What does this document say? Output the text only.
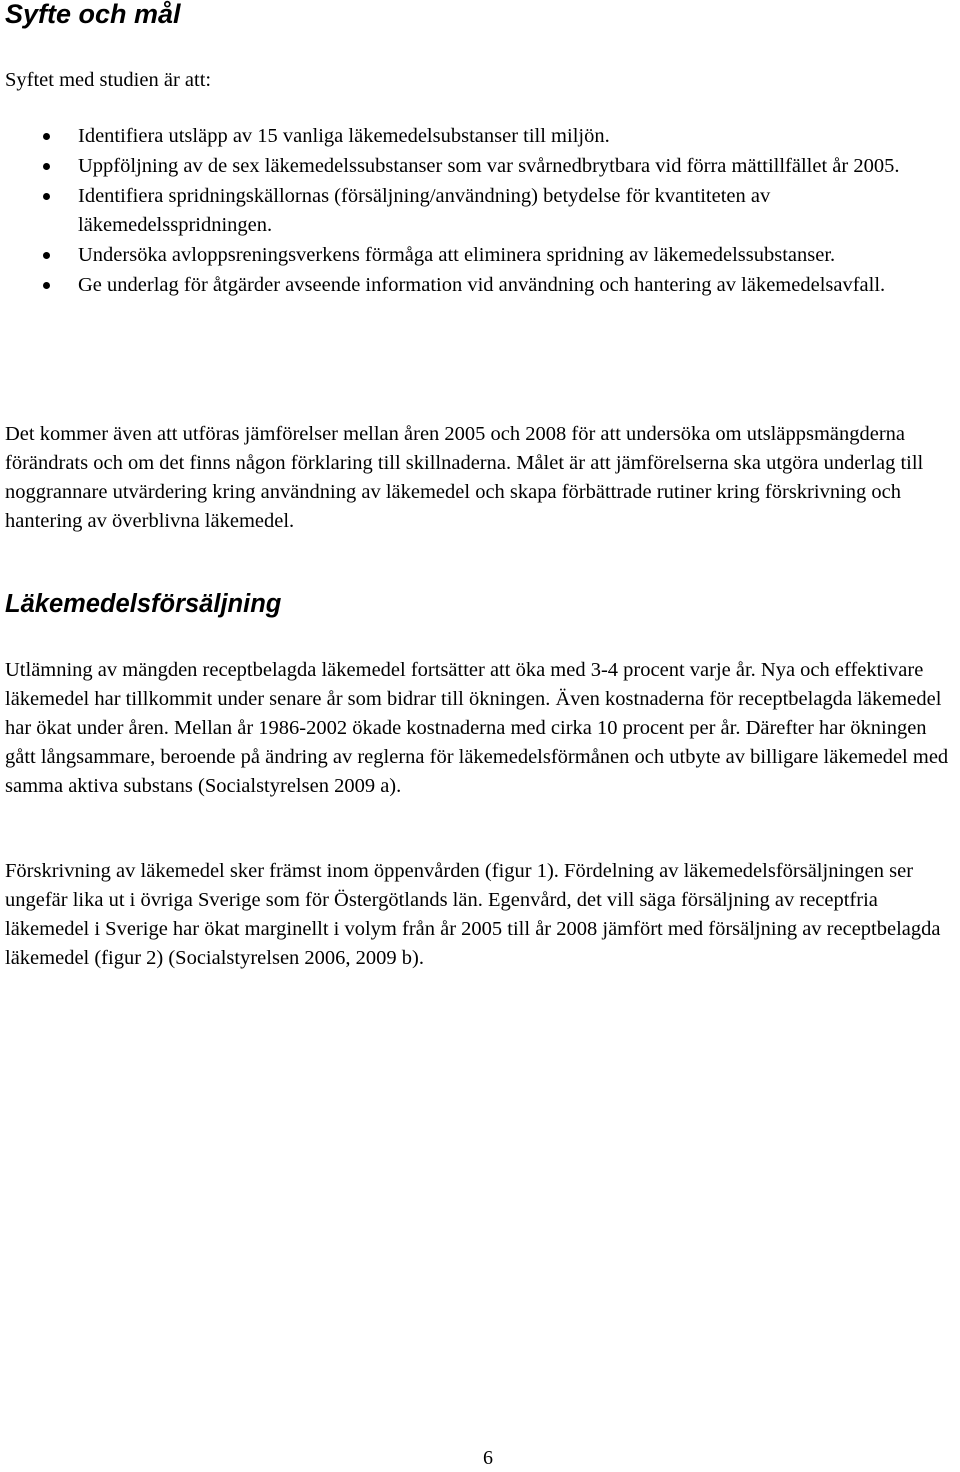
Syfte och mål

Syftet med studien är att:

Identifiera utsläpp av 15 vanliga läkemedelsubstanser till miljön.
Uppföljning av de sex läkemedelssubstanser som var svårnedbrytbara vid förra mättillfället år 2005.
Identifiera spridningskällornas (försäljning/användning) betydelse för kvantiteten av läkemedelsspridningen.
Undersöka avloppsreningsverkens förmåga att eliminera spridning av läkemedelssubstanser.
Ge underlag för åtgärder avseende information vid användning och hantering av läkemedelsavfall.

Det kommer även att utföras jämförelser mellan åren 2005 och 2008 för att undersöka om utsläppsmängderna förändrats och om det finns någon förklaring till skillnaderna. Målet är att jämförelserna ska utgöra underlag till noggrannare utvärdering kring användning av läkemedel och skapa förbättrade rutiner kring förskrivning och hantering av överblivna läkemedel.

Läkemedelsförsäljning

Utlämning av mängden receptbelagda läkemedel fortsätter att öka med 3-4 procent varje år. Nya och effektivare läkemedel har tillkommit under senare år som bidrar till ökningen. Även kostnaderna för receptbelagda läkemedel har ökat under åren. Mellan år 1986-2002 ökade kostnaderna med cirka 10 procent per år. Därefter har ökningen gått långsammare, beroende på ändring av reglerna för läkemedelsförmånen och utbyte av billigare läkemedel med samma aktiva substans (Socialstyrelsen 2009 a).

Förskrivning av läkemedel sker främst inom öppenvården (figur 1). Fördelning av läkemedelsförsäljningen ser ungefär lika ut i övriga Sverige som för Östergötlands län. Egenvård, det vill säga försäljning av receptfria läkemedel i Sverige har ökat marginellt i volym från år 2005 till år 2008 jämfört med försäljning av receptbelagda läkemedel (figur 2) (Socialstyrelsen 2006, 2009 b).

6
